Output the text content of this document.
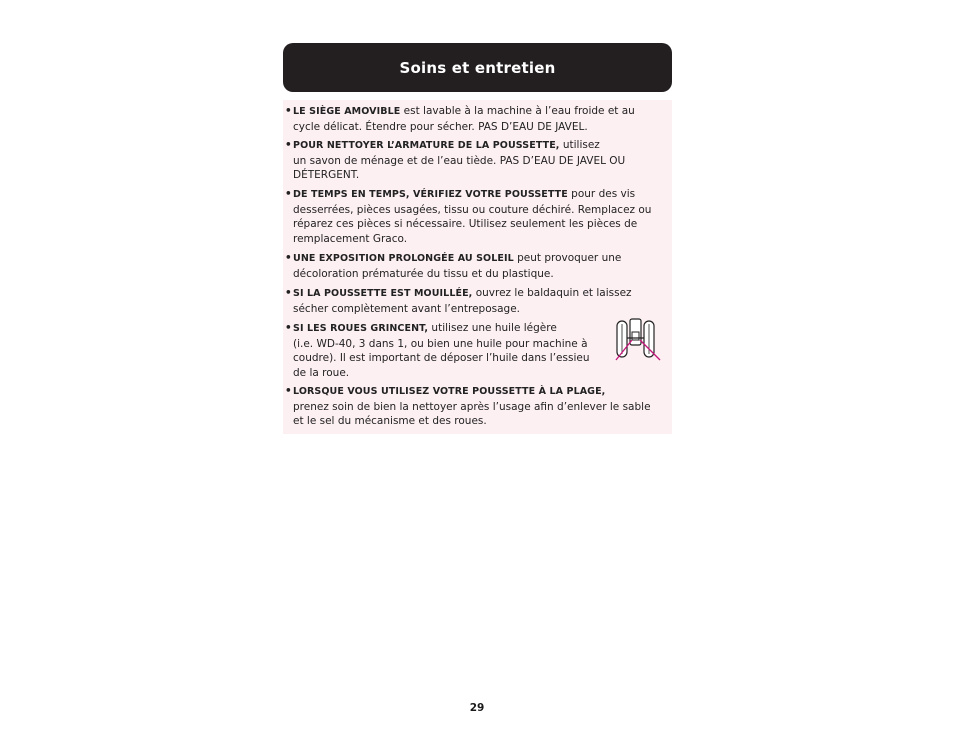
Soins et entretien
• LE SIÈGE AMOVIBLE est lavable à la machine à l’eau froide et au
cycle délicat. Étendre pour sécher. PAS D’EAU DE JAVEL.
• POUR NETTOYER L’ARMATURE DE LA POUSSETTE, utilisez
un savon de ménage et de l’eau tiède. PAS D’EAU DE JAVEL OU
DÉTERGENT.
• DE TEMPS EN TEMPS, VÉRIFIEZ VOTRE POUSSETTE pour des vis
desserrées, pièces usagées, tissu ou couture déchiré. Remplacez ou
réparez ces pièces si nécessaire. Utilisez seulement les pièces de
remplacement Graco.
• UNE EXPOSITION PROLONGÉE AU SOLEIL peut provoquer une
décoloration prématurée du tissu et du plastique.
• SI LA POUSSETTE EST MOUILLÉE, ouvrez le baldaquin et laissez
sécher complètement avant l’entreposage.
• SI LES ROUES GRINCENT, utilisez une huile légère
(i.e. WD-40, 3 dans 1, ou bien une huile pour machine à
coudre). Il est important de déposer l’huile dans l’essieu
de la roue.
• LORSQUE VOUS UTILISEZ VOTRE POUSSETTE À LA PLAGE,
prenez soin de bien la nettoyer après l’usage afin d’enlever le sable
et le sel du mécanisme et des roues.
29
